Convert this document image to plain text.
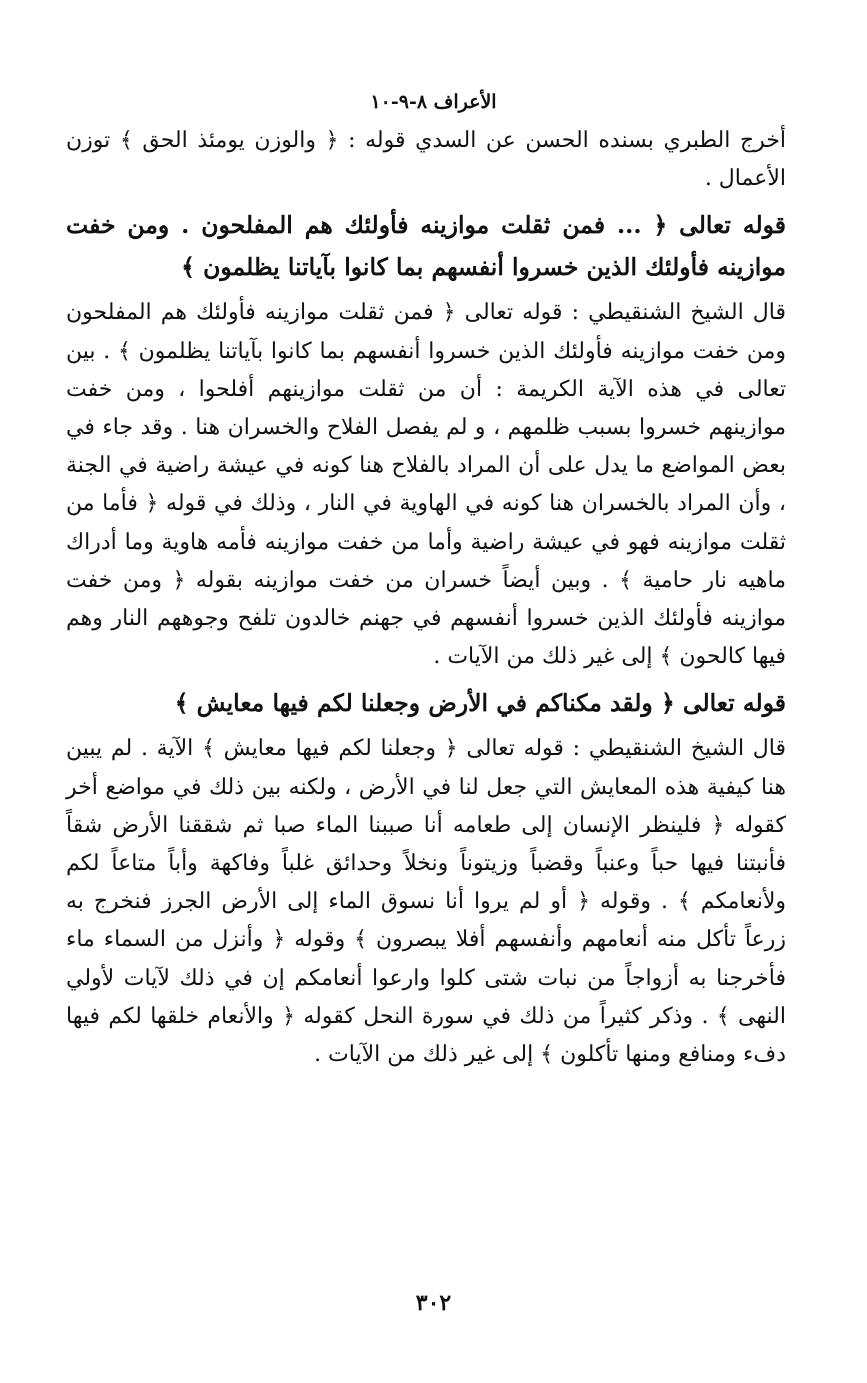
الأعراف ٨-٩-١٠

أخرج الطبري بسنده الحسن عن السدي قوله : ﴿ والوزن يومئذ الحق ﴾ توزن الأعمال .

قوله تعالى ﴿ ... فمن ثقلت موازينه فأولئك هم المفلحون . ومن خفت موازينه فأولئك الذين خسروا أنفسهم بما كانوا بآياتنا يظلمون ﴾

قال الشيخ الشنقيطي : قوله تعالى ﴿ فمن ثقلت موازينه فأولئك هم المفلحون ومن خفت موازينه فأولئك الذين خسروا أنفسهم بما كانوا بآياتنا يظلمون ﴾ . بين تعالى في هذه الآية الكريمة : أن من ثقلت موازينهم أفلحوا ، ومن خفت موازينهم خسروا بسبب ظلمهم ، و لم يفصل الفلاح والخسران هنا . وقد جاء في بعض المواضع ما يدل على أن المراد بالفلاح هنا كونه في عيشة راضية في الجنة ، وأن المراد بالخسران هنا كونه في الهاوية في النار ، وذلك في قوله ﴿ فأما من ثقلت موازينه فهو في عيشة راضية وأما من خفت موازينه فأمه هاوية وما أدراك ماهيه نار حامية ﴾ . وبين أيضاً خسران من خفت موازينه بقوله ﴿ ومن خفت موازينه فأولئك الذين خسروا أنفسهم في جهنم خالدون تلفح وجوههم النار وهم فيها كالحون ﴾ إلى غير ذلك من الآيات .

قوله تعالى ﴿ ولقد مكناكم في الأرض وجعلنا لكم فيها معايش ﴾

قال الشيخ الشنقيطي : قوله تعالى ﴿ وجعلنا لكم فيها معايش ﴾ الآية . لم يبين هنا كيفية هذه المعايش التي جعل لنا في الأرض ، ولكنه بين ذلك في مواضع أخر كقوله ﴿ فلينظر الإنسان إلى طعامه أنا صببنا الماء صبا ثم شققنا الأرض شقاً فأنبتنا فيها حباً وعنباً وقضباً وزيتوناً ونخلاً وحدائق غلباً وفاكهة وأباً متاعاً لكم ولأنعامكم ﴾ . وقوله ﴿ أو لم يروا أنا نسوق الماء إلى الأرض الجرز فنخرج به زرعاً تأكل منه أنعامهم وأنفسهم أفلا يبصرون ﴾ وقوله ﴿ وأنزل من السماء ماء فأخرجنا به أزواجاً من نبات شتى كلوا وارعوا أنعامكم إن في ذلك لآيات لأولي النهى ﴾ . وذكر كثيراً من ذلك في سورة النحل كقوله ﴿ والأنعام خلقها لكم فيها دفء ومنافع ومنها تأكلون ﴾ إلى غير ذلك من الآيات .

٣٠٢
